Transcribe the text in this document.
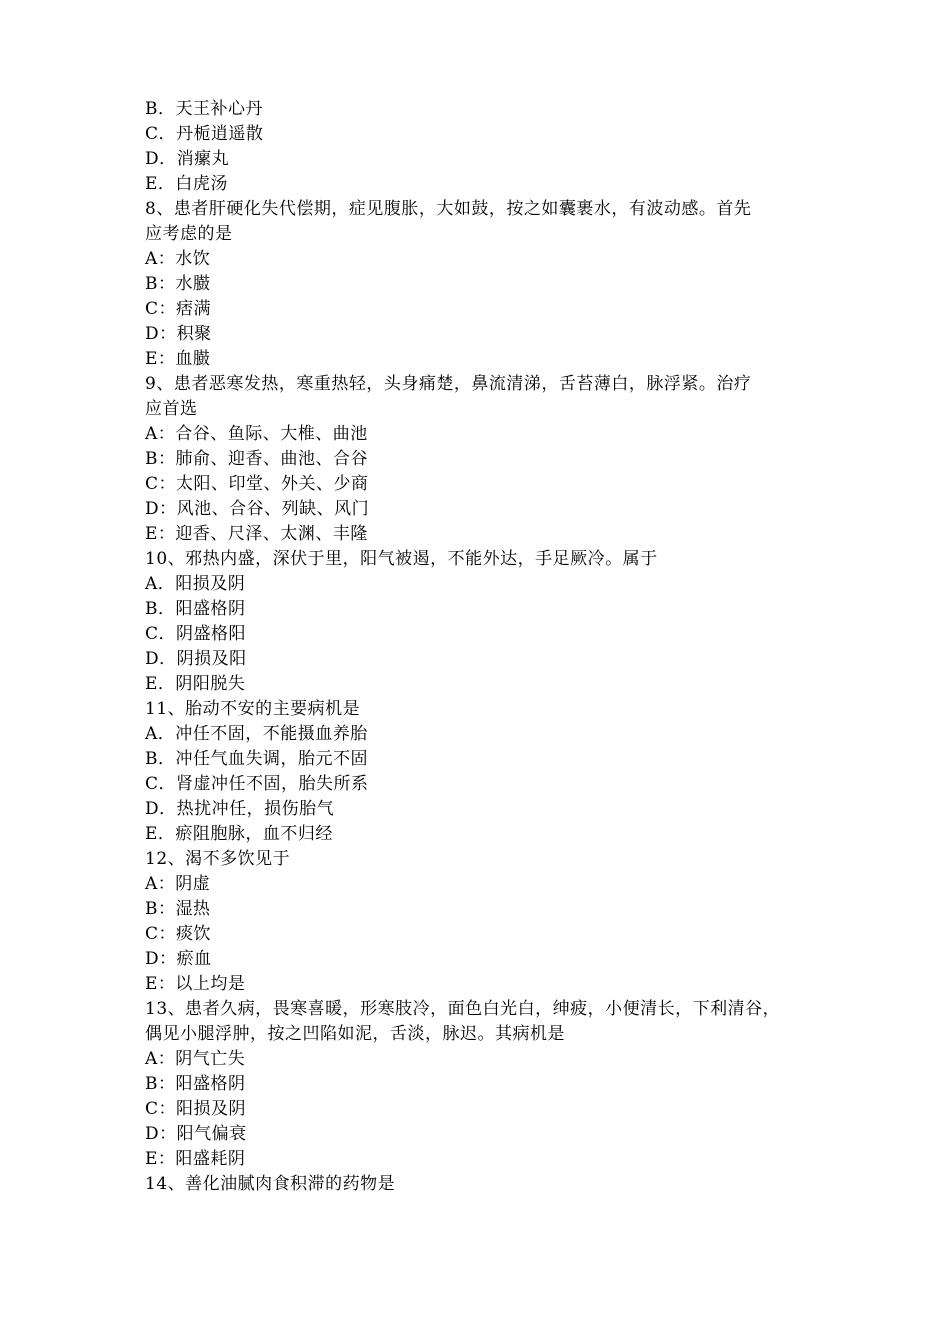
B．天王补心丹
C．丹栀逍遥散
D．消瘰丸
E．白虎汤
8、患者肝硬化失代偿期，症见腹胀，大如鼓，按之如囊裹水，有波动感。首先
应考虑的是
A：水饮
B：水臌
C：痞满
D：积聚
E：血臌
9、患者恶寒发热，寒重热轻，头身痛楚，鼻流清涕，舌苔薄白，脉浮紧。治疗
应首选
A：合谷、鱼际、大椎、曲池
B：肺俞、迎香、曲池、合谷
C：太阳、印堂、外关、少商
D：风池、合谷、列缺、风门
E：迎香、尺泽、太渊、丰隆
10、邪热内盛，深伏于里，阳气被遏，不能外达，手足厥冷。属于
A．阳损及阴
B．阳盛格阴
C．阴盛格阳
D．阴损及阳
E．阴阳脱失
11、胎动不安的主要病机是
A．冲任不固，不能摄血养胎
B．冲任气血失调，胎元不固
C．肾虚冲任不固，胎失所系
D．热扰冲任，损伤胎气
E．瘀阻胞脉，血不归经
12、渴不多饮见于
A：阴虚
B：湿热
C：痰饮
D：瘀血
E：以上均是
13、患者久病，畏寒喜暖，形寒肢冷，面色白光白，绅疲，小便清长，下利清谷，
偶见小腿浮肿，按之凹陷如泥，舌淡，脉迟。其病机是
A：阴气亡失
B：阳盛格阴
C：阳损及阴
D：阳气偏衰
E：阳盛耗阴
14、善化油腻肉食积滞的药物是
